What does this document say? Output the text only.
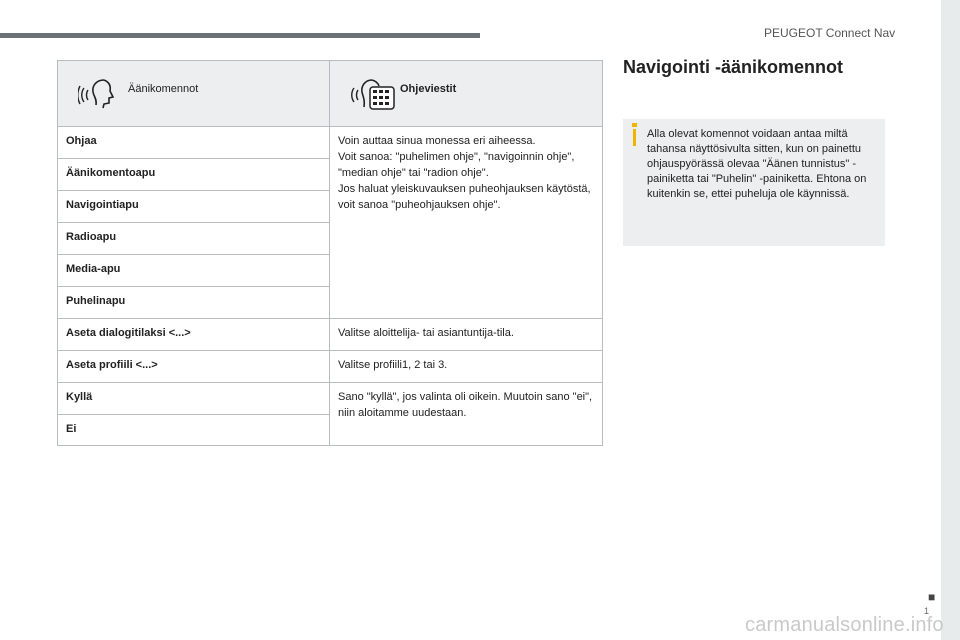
PEUGEOT Connect Nav
■
1
Äänikomennot	Ohjeviestit

Ohjaa	Voin auttaa sinua monessa eri aiheessa.
Voit sanoa: "puhelimen ohje", "navigoinnin ohje", "median ohje" tai "radion ohje".
Jos haluat yleiskuvauksen puheohjauksen käytöstä, voit sanoa "puheohjauksen ohje".

Äänikomentoapu	
Navigointiapu	
Radioapu	
Media-apu	
Puhelinapu	
Aseta dialogitilaksi <...>	Valitse aloittelija- tai asiantuntija-tila.
Aseta profiili <...>	Valitse profiili1, 2 tai 3.
Kyllä	Sano "kyllä", jos valinta oli oikein. Muutoin sano "ei", niin aloitamme uudestaan.
Ei	
Navigointi -äänikomennot
Alla olevat komennot voidaan antaa miltä tahansa näyttösivulta sitten, kun on painettu ohjauspyörässä olevaa "Äänen tunnistus" -painiketta tai "Puhelin" -painiketta. Ehtona on kuitenkin se, ettei puheluja ole käynnissä.
carmanualsonline.info
